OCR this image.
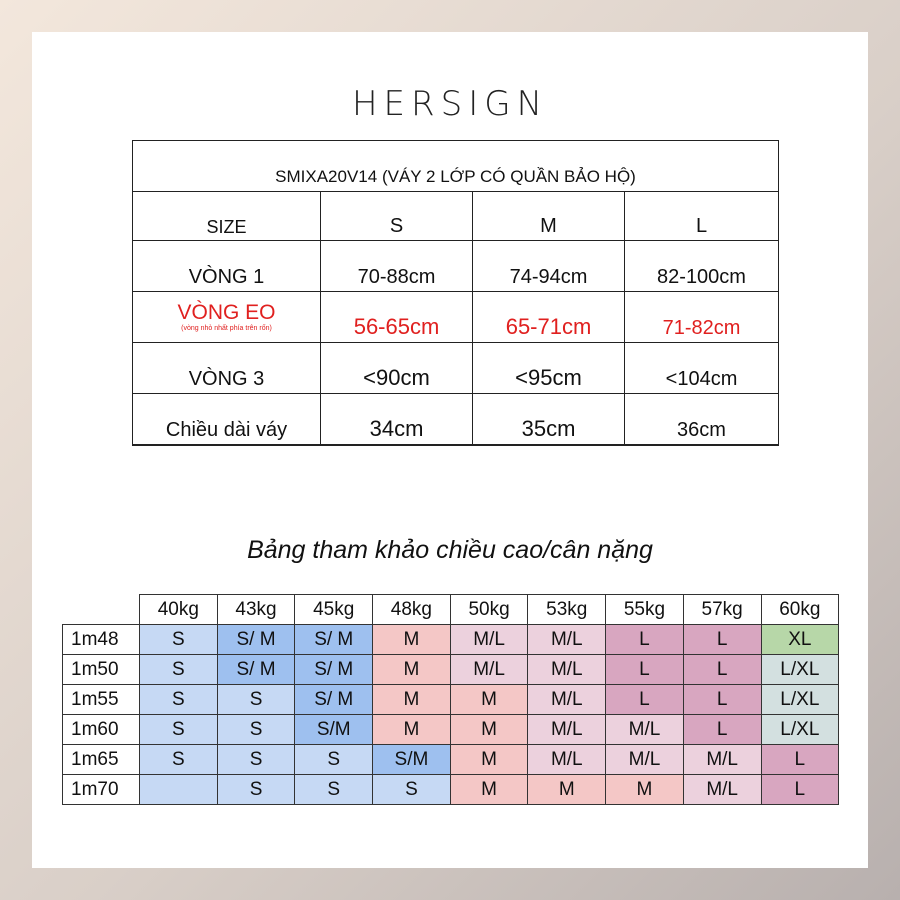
HERSIGN
SMIXA20V14 (VÁY 2 LỚP CÓ QUẦN BẢO HỘ)			
SIZE	S	M	L
VÒNG 1	70-88cm	74-94cm	82-100cm

VÒNG EO
(vòng nhỏ nhất phía trên rốn)	56-65cm	65-71cm	71-82cm
VÒNG 3	<90cm	<95cm	<104cm
Chiều dài váy	34cm	35cm	36cm
Bảng tham khảo chiều cao/cân nặng
	40kg	43kg	45kg	48kg	50kg	53kg	55kg	57kg	60kg
1m48	S	S/ M	S/ M	M	M/L	M/L	L	L	XL
1m50	S	S/ M	S/ M	M	M/L	M/L	L	L	L/XL
1m55	S	S	S/ M	M	M	M/L	L	L	L/XL
1m60	S	S	S/M	M	M	M/L	M/L	L	L/XL
1m65	S	S	S	S/M	M	M/L	M/L	M/L	L
1m70		S	S	S	M	M	M	M/L	L
